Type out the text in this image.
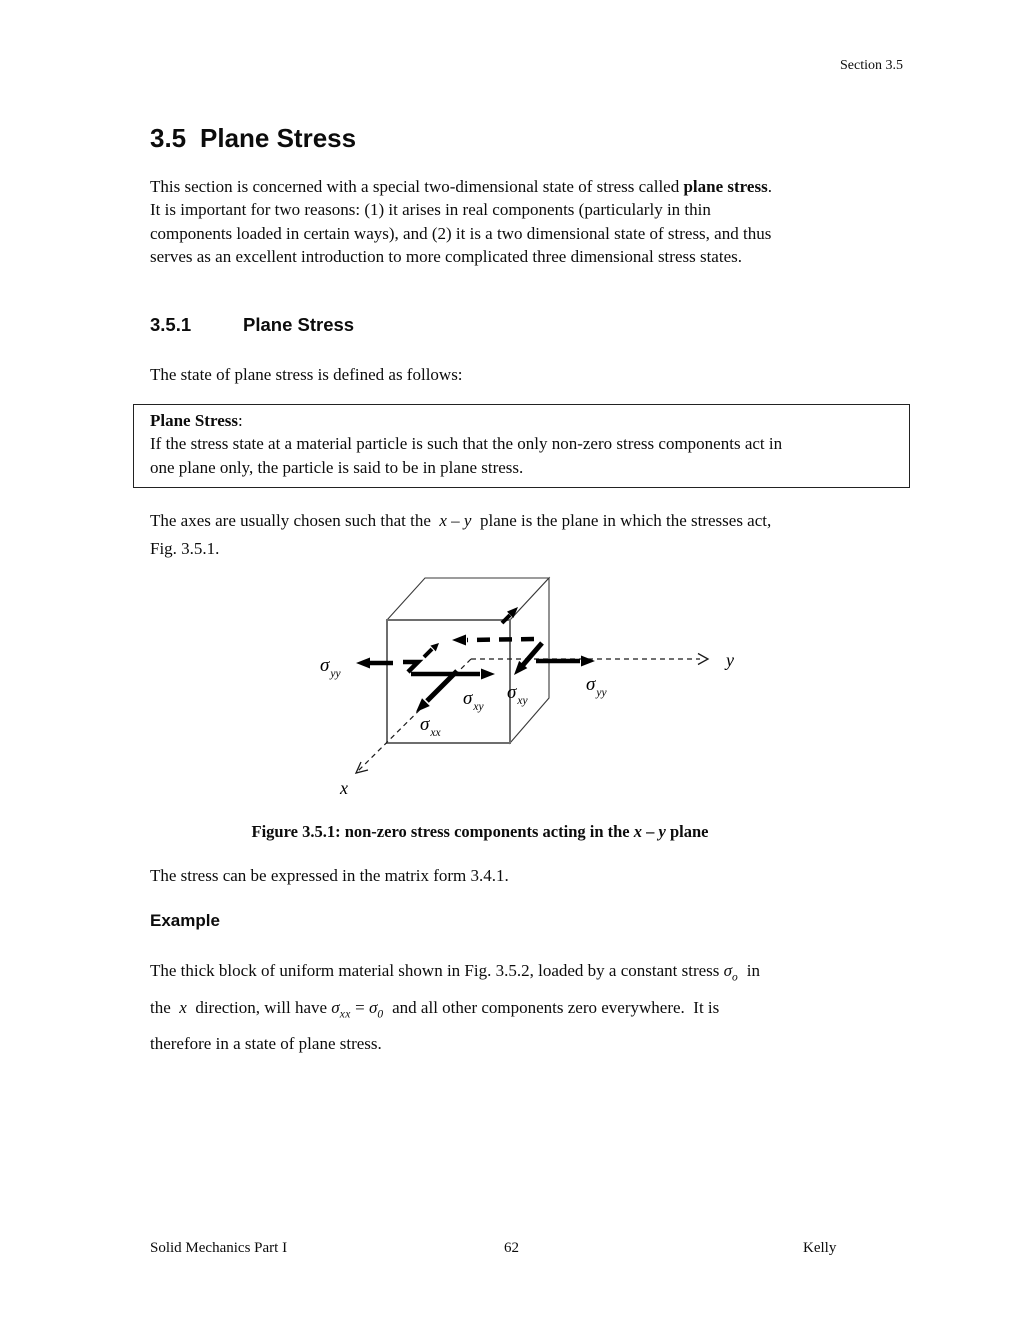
Section 3.5
3.5 Plane Stress
This section is concerned with a special two-dimensional state of stress called plane stress.
It is important for two reasons: (1) it arises in real components (particularly in thin
components loaded in certain ways), and (2) it is a two dimensional state of stress, and thus
serves as an excellent introduction to more complicated three dimensional stress states.
3.5.1	Plane Stress
The state of plane stress is defined as follows:
Plane Stress:
If the stress state at a material particle is such that the only non-zero stress components act in
one plane only, the particle is said to be in plane stress.
The axes are usually chosen such that the  x – y  plane is the plane in which the stresses act,
Fig. 3.5.1.
$\sigma_{yy}$	$\sigma_{yy}$
$\sigma_{xy}$
$\sigma_{xy}$
$\sigma_{xx}$
y
x
Figure 3.5.1: non-zero stress components acting in the x – y plane
The stress can be expressed in the matrix form 3.4.1.
Example
The thick block of uniform material shown in Fig. 3.5.2, loaded by a constant stress $\sigma_o$  in
the  x  direction, will have $\sigma_{xx} = \sigma_0$  and all other components zero everywhere.  It is
therefore in a state of plane stress.
Solid Mechanics Part I	62	Kelly
